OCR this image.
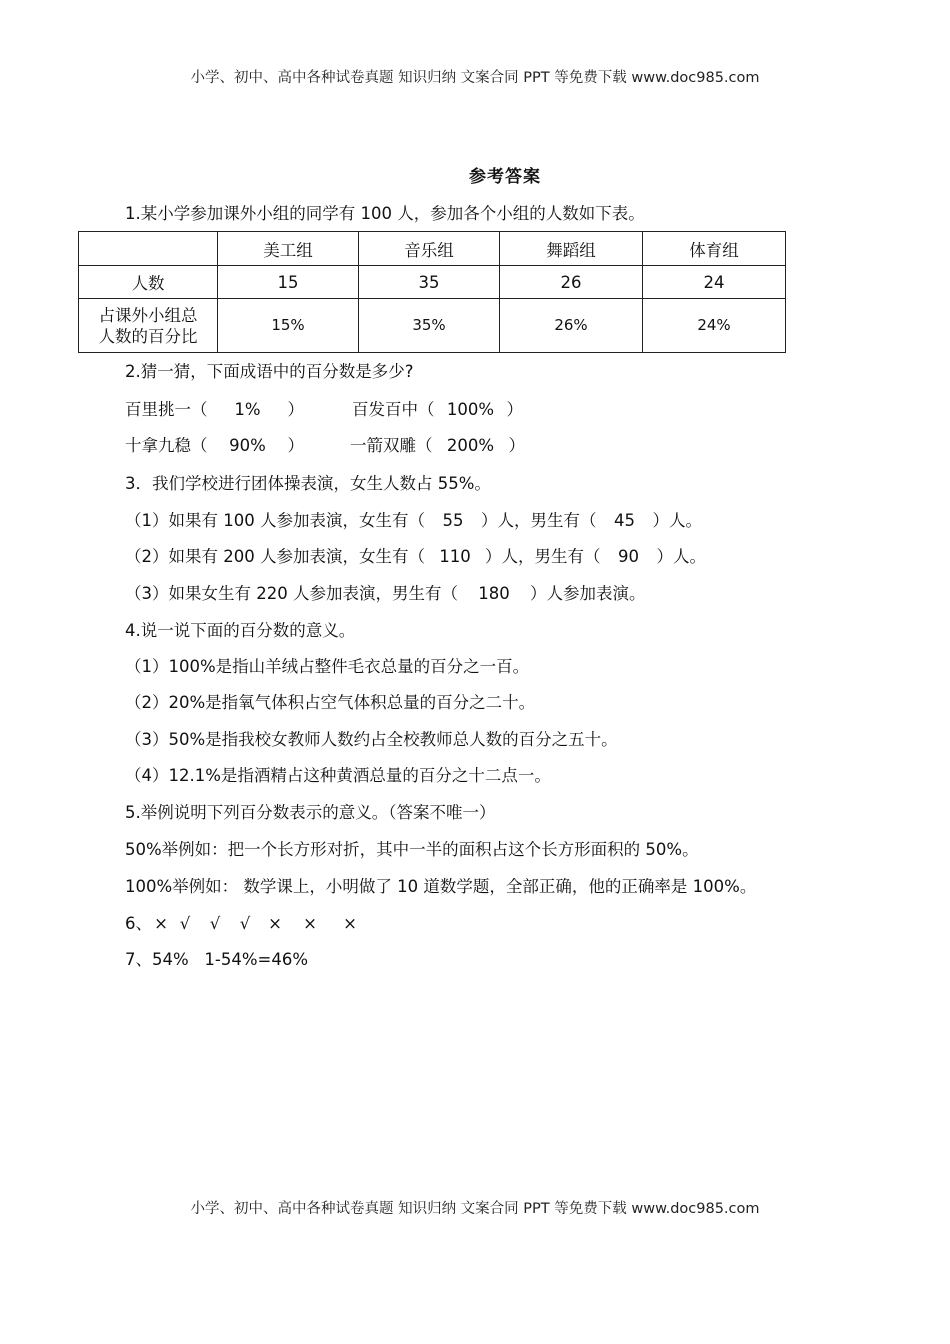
小学、初中、高中各种试卷真题 知识归纳 文案合同 PPT 等免费下载 www.doc985.com
参考答案
1.某小学参加课外小组的同学有 100 人，参加各个小组的人数如下表。
	美工组	音乐组	舞蹈组	体育组
人数	15	35	26	24

占课外小组总
人数的百分比	15%	35%	26%	24%
2.猜一猜，下面成语中的百分数是多少?
百里挑一（ 1% ）	百发百中（ 100% ）
十拿九稳（ 90% ）	一箭双雕（ 200% ）
3．我们学校进行团体操表演，女生人数占 55%。
（1）如果有 100 人参加表演，女生有（ 55 ）人，男生有（ 45 ）人。
（2）如果有 200 人参加表演，女生有（ 110 ）人，男生有（ 90 ）人。
（3）如果女生有 220 人参加表演，男生有（ 180 ）人参加表演。
4.说一说下面的百分数的意义。
（1）100%是指山羊绒占整件毛衣总量的百分之一百。
（2）20%是指氧气体积占空气体积总量的百分之二十。
（3）50%是指我校女教师人数约占全校教师总人数的百分之五十。
（4）12.1%是指酒精占这种黄酒总量的百分之十二点一。
5.举例说明下列百分数表示的意义。（答案不唯一）
50%举例如：把一个长方形对折，其中一半的面积占这个长方形面积的 50%。
100%举例如： 数学课上，小明做了 10 道数学题，全部正确，他的正确率是 100%。
6、 × √ √ √ × × ×
7、54%   1-54%=46%
小学、初中、高中各种试卷真题 知识归纳 文案合同 PPT 等免费下载 www.doc985.com
